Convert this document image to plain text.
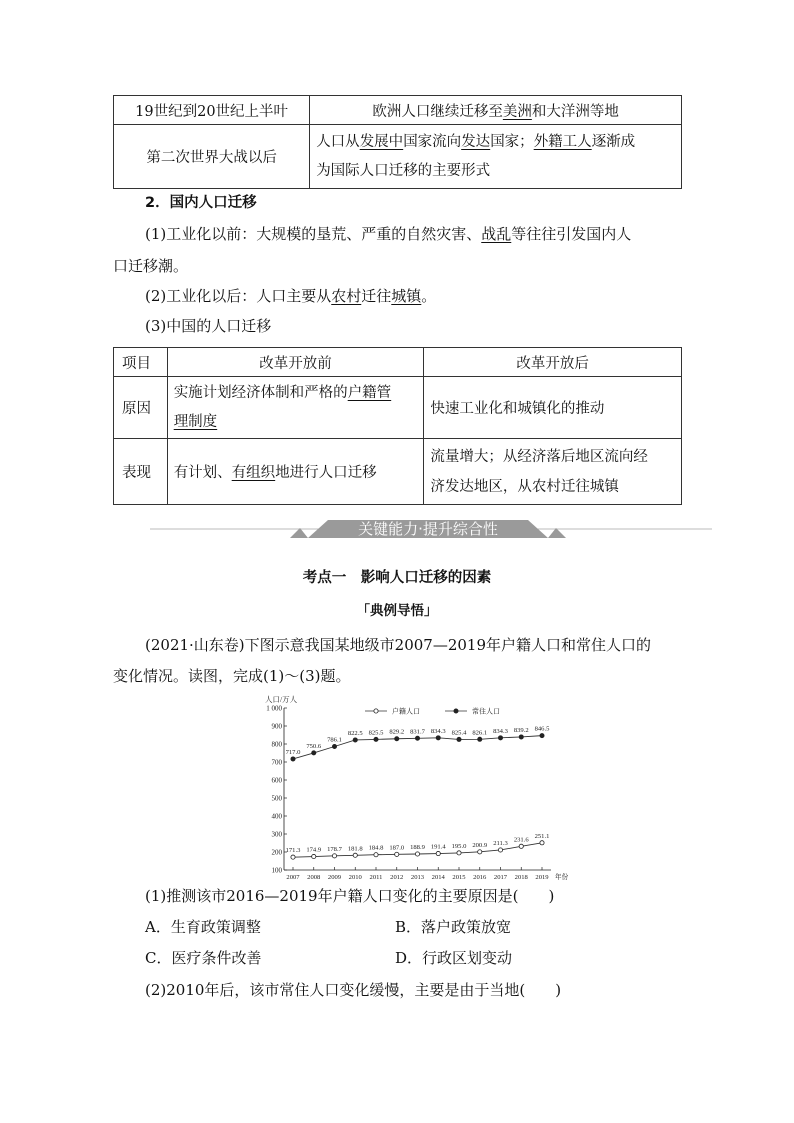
19世纪到20世纪上半叶	欧洲人口继续迁移至美洲和大洋洲等地
第二次世界大战以后	人口从发展中国家流向发达国家；外籍工人逐渐成
为国际人口迁移的主要形式
2．国内人口迁移
(1)工业化以前：大规模的垦荒、严重的自然灾害、战乱等往往引发国内人
口迁移潮。
(2)工业化以后：人口主要从农村迁往城镇。
(3)中国的人口迁移
项目	改革开放前	改革开放后
原因	实施计划经济体制和严格的户籍管
理制度	快速工业化和城镇化的推动
表现	有计划、有组织地进行人口迁移	流量增大；从经济落后地区流向经
济发达地区，从农村迁往城镇
关键能力·提升综合性
考点一　影响人口迁移的因素
「典例导悟」
(2021·山东卷)下图示意我国某地级市2007—2019年户籍人口和常住人口的
变化情况。读图，完成(1)～(3)题。
人口/万人
户籍人口	常住人口
100
200
300
400
500
600
700
800
900
1 000
2007 2008 2009 2010 2011 2012 2013 2014 2015 2016 2017 2018 2019 年份
171.3 174.9 178.7 181.8 184.8 187.0 188.9 191.4 195.0 200.9 211.3
231.6
251.1
717.0
750.6
786.1
822.5 825.5 829.2 831.7 834.3 825.4 826.1 834.3 839.2 846.5
(1)推测该市2016—2019年户籍人口变化的主要原因是(　　)
A．生育政策调整	B．落户政策放宽
C．医疗条件改善	D．行政区划变动
(2)2010年后，该市常住人口变化缓慢，主要是由于当地(　　)
